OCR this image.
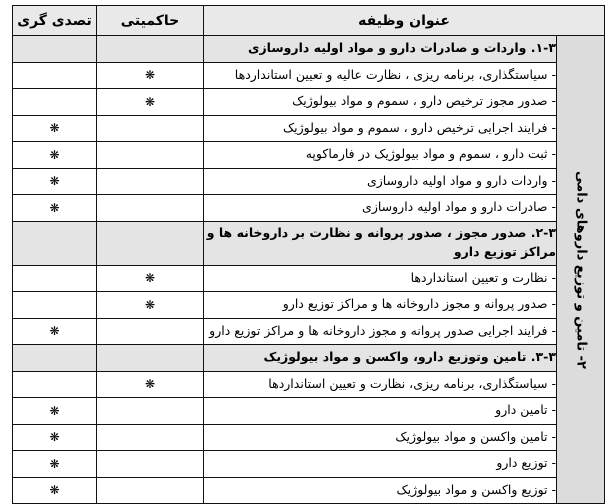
تصدی گری	حاکمیتی	عنوان وظیفه	
		۱-۳. واردات و صادرات دارو و مواد اولیه داروسازی	۲- تامین و توزیع داروهای دامی

	❋	- سیاستگذاری، برنامه ریزی ، نظارت عالیه و تعیین استانداردها	
	❋	- صدور مجوز ترخیص دارو ، سموم و مواد بیولوژیک	
❋		- فرایند اجرایی ترخیص دارو ، سموم و مواد بیولوژیک	
❋		- ثبت دارو ، سموم و مواد بیولوژیک در فارماکوپه	
❋		- واردات دارو و مواد اولیه داروسازی	
❋		- صادرات دارو و مواد اولیه داروسازی	
		۲-۳. صدور مجوز ، صدور پروانه و نظارت بر داروخانه ها و مراکز توزیع دارو	
	❋	- نظارت و تعیین استانداردها	
	❋	- صدور پروانه و مجوز داروخانه ها و مراکز توزیع دارو	
❋		- فرایند اجرایی صدور پروانه و مجوز داروخانه ها و مراکز توزیع دارو	
		۳-۳. تامین وتوزیع دارو، واکسن و مواد بیولوژیک	
	❋	- سیاستگذاری، برنامه ریزی، نظارت و تعیین استانداردها	
❋		- تامین دارو	
❋		- تامین واکسن و مواد بیولوژیک	
❋		- توزیع دارو	
❋		- توزیع واکسن و مواد بیولوژیک	
